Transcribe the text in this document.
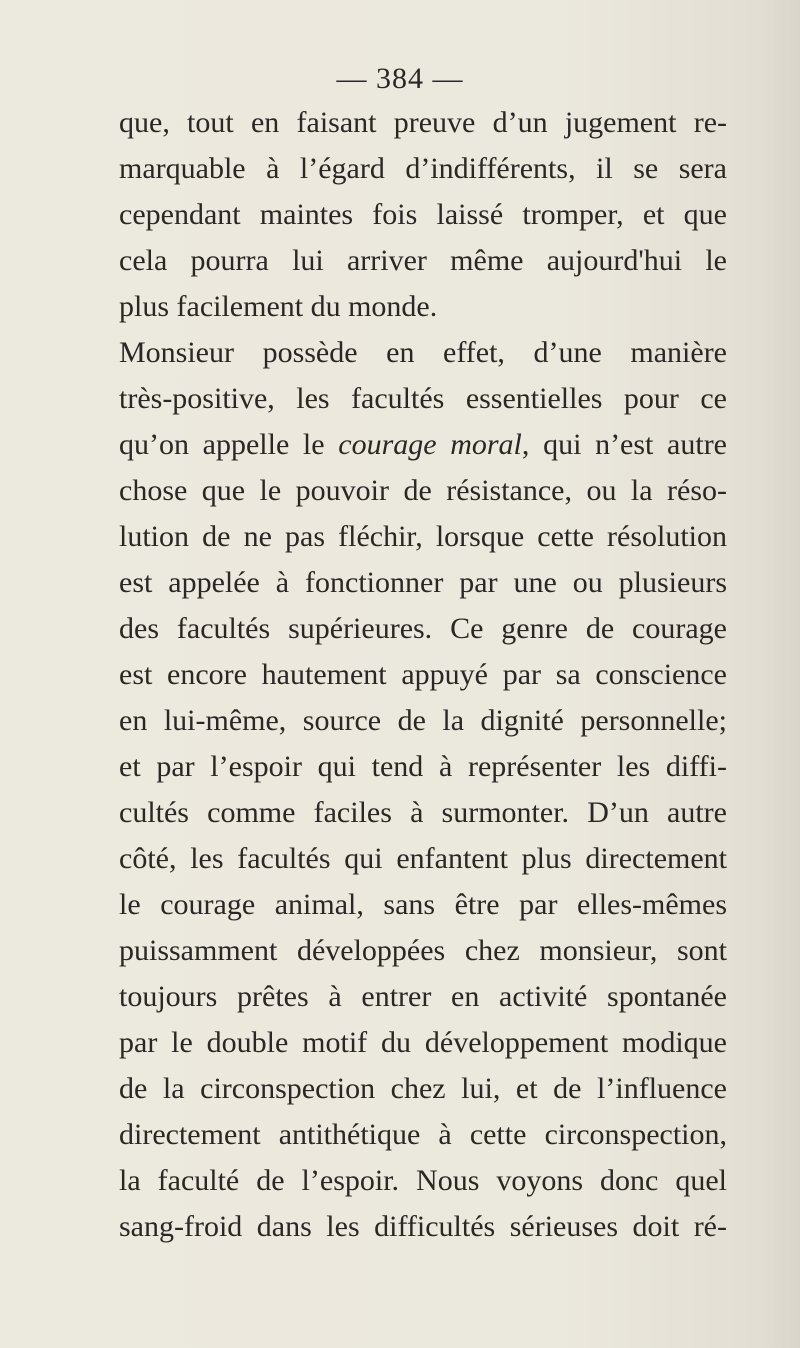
— 384 —
que, tout en faisant preuve d’un jugement re-
marquable à l’égard d’indifférents, il se sera
cependant maintes fois laissé tromper, et que
cela pourra lui arriver même aujourd'hui le
plus facilement du monde.
Monsieur possède en effet, d’une manière
très-positive, les facultés essentielles pour ce
qu’on appelle le courage moral, qui n’est autre
chose que le pouvoir de résistance, ou la réso-
lution de ne pas fléchir, lorsque cette résolution
est appelée à fonctionner par une ou plusieurs
des facultés supérieures. Ce genre de courage
est encore hautement appuyé par sa conscience
en lui-même, source de la dignité personnelle;
et par l’espoir qui tend à représenter les diffi-
cultés comme faciles à surmonter. D’un autre
côté, les facultés qui enfantent plus directement
le courage animal, sans être par elles-mêmes
puissamment développées chez monsieur, sont
toujours prêtes à entrer en activité spontanée
par le double motif du développement modique
de la circonspection chez lui, et de l’influence
directement antithétique à cette circonspection,
la faculté de l’espoir. Nous voyons donc quel
sang-froid dans les difficultés sérieuses doit ré-
